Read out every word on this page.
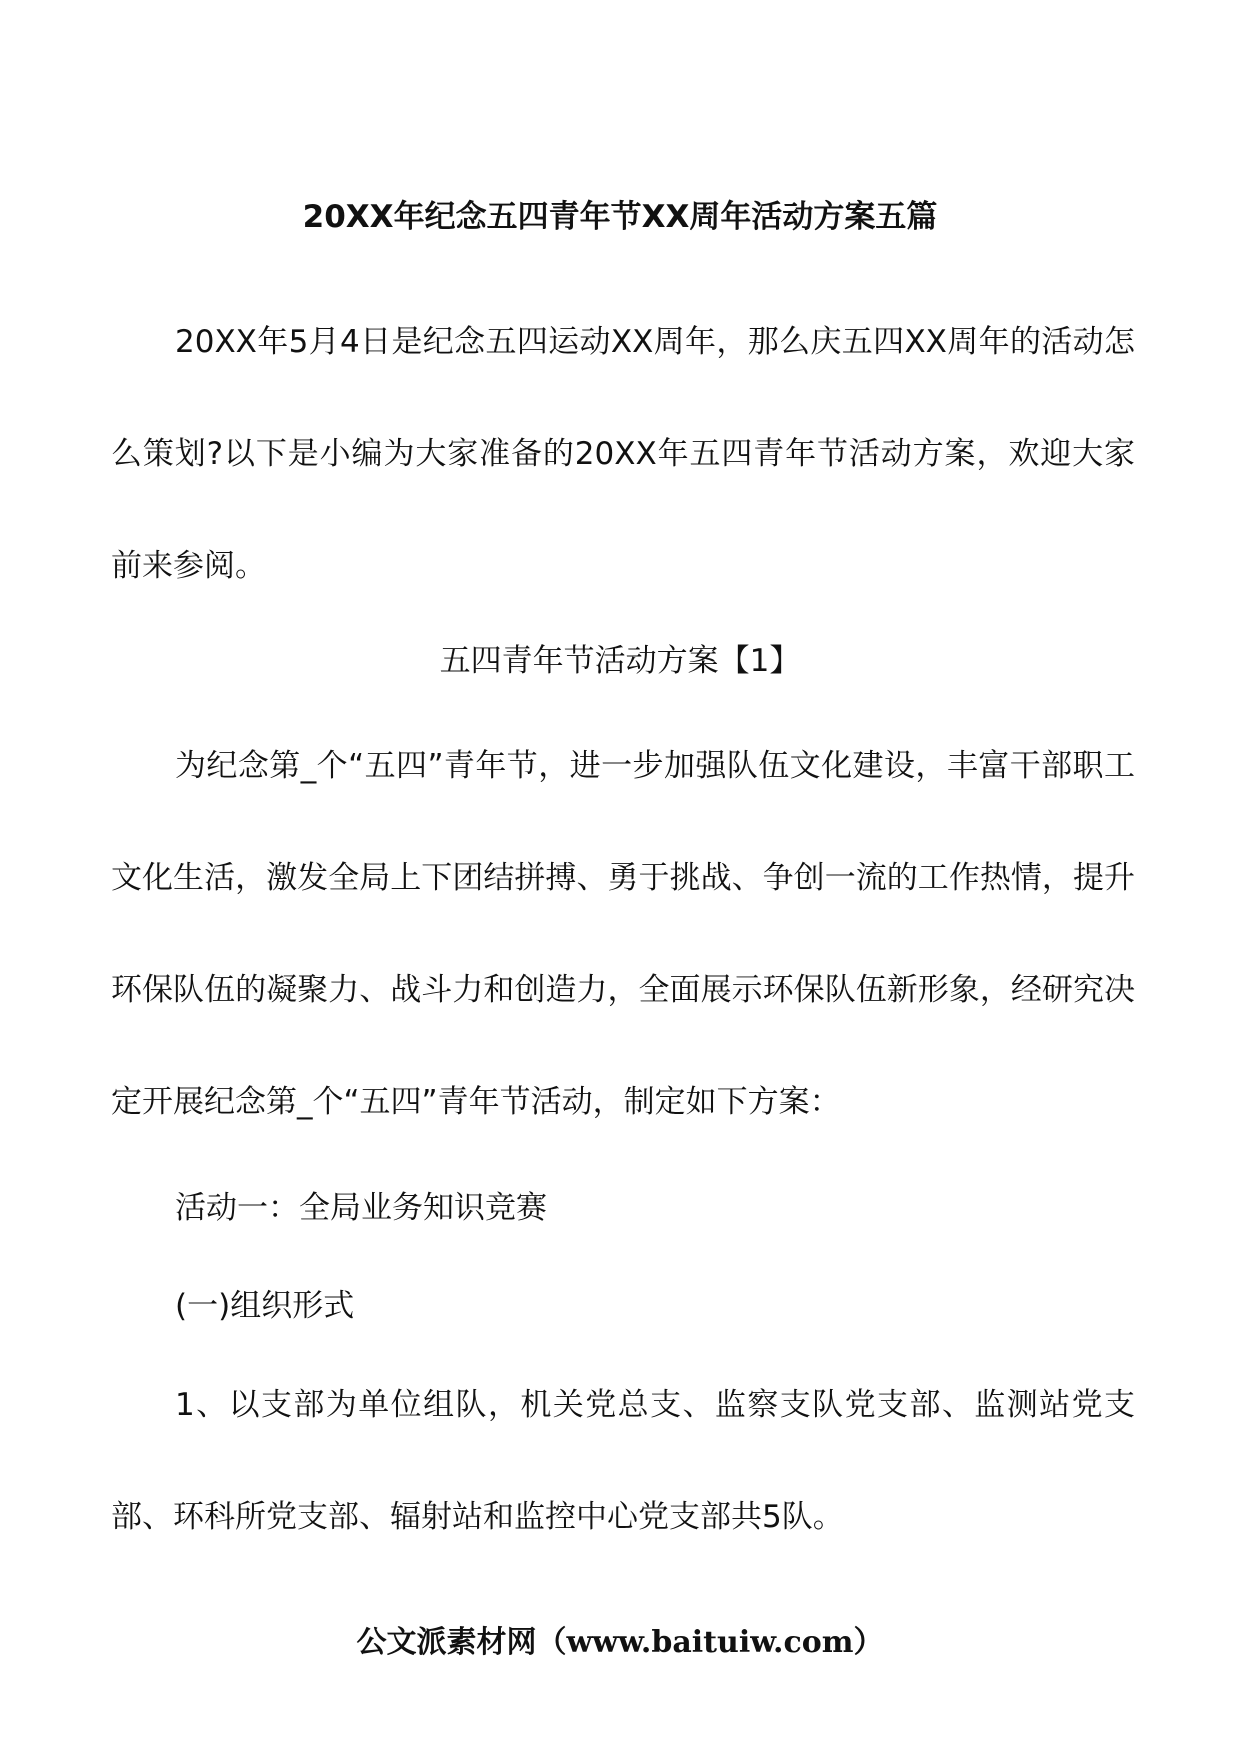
20XX年纪念五四青年节XX周年活动方案五篇

20XX年5月4日是纪念五四运动XX周年，那么庆五四XX周年的活动怎么策划?以下是小编为大家准备的20XX年五四青年节活动方案，欢迎大家前来参阅。

五四青年节活动方案【1】

为纪念第_个“五四”青年节，进一步加强队伍文化建设，丰富干部职工文化生活，激发全局上下团结拼搏、勇于挑战、争创一流的工作热情，提升环保队伍的凝聚力、战斗力和创造力，全面展示环保队伍新形象，经研究决定开展纪念第_个“五四”青年节活动，制定如下方案：

活动一：全局业务知识竞赛
(一)组织形式

1、以支部为单位组队，机关党总支、监察支队党支部、监测站党支部、环科所党支部、辐射站和监控中心党支部共5队。

公文派素材网（www.baituiw.com）
